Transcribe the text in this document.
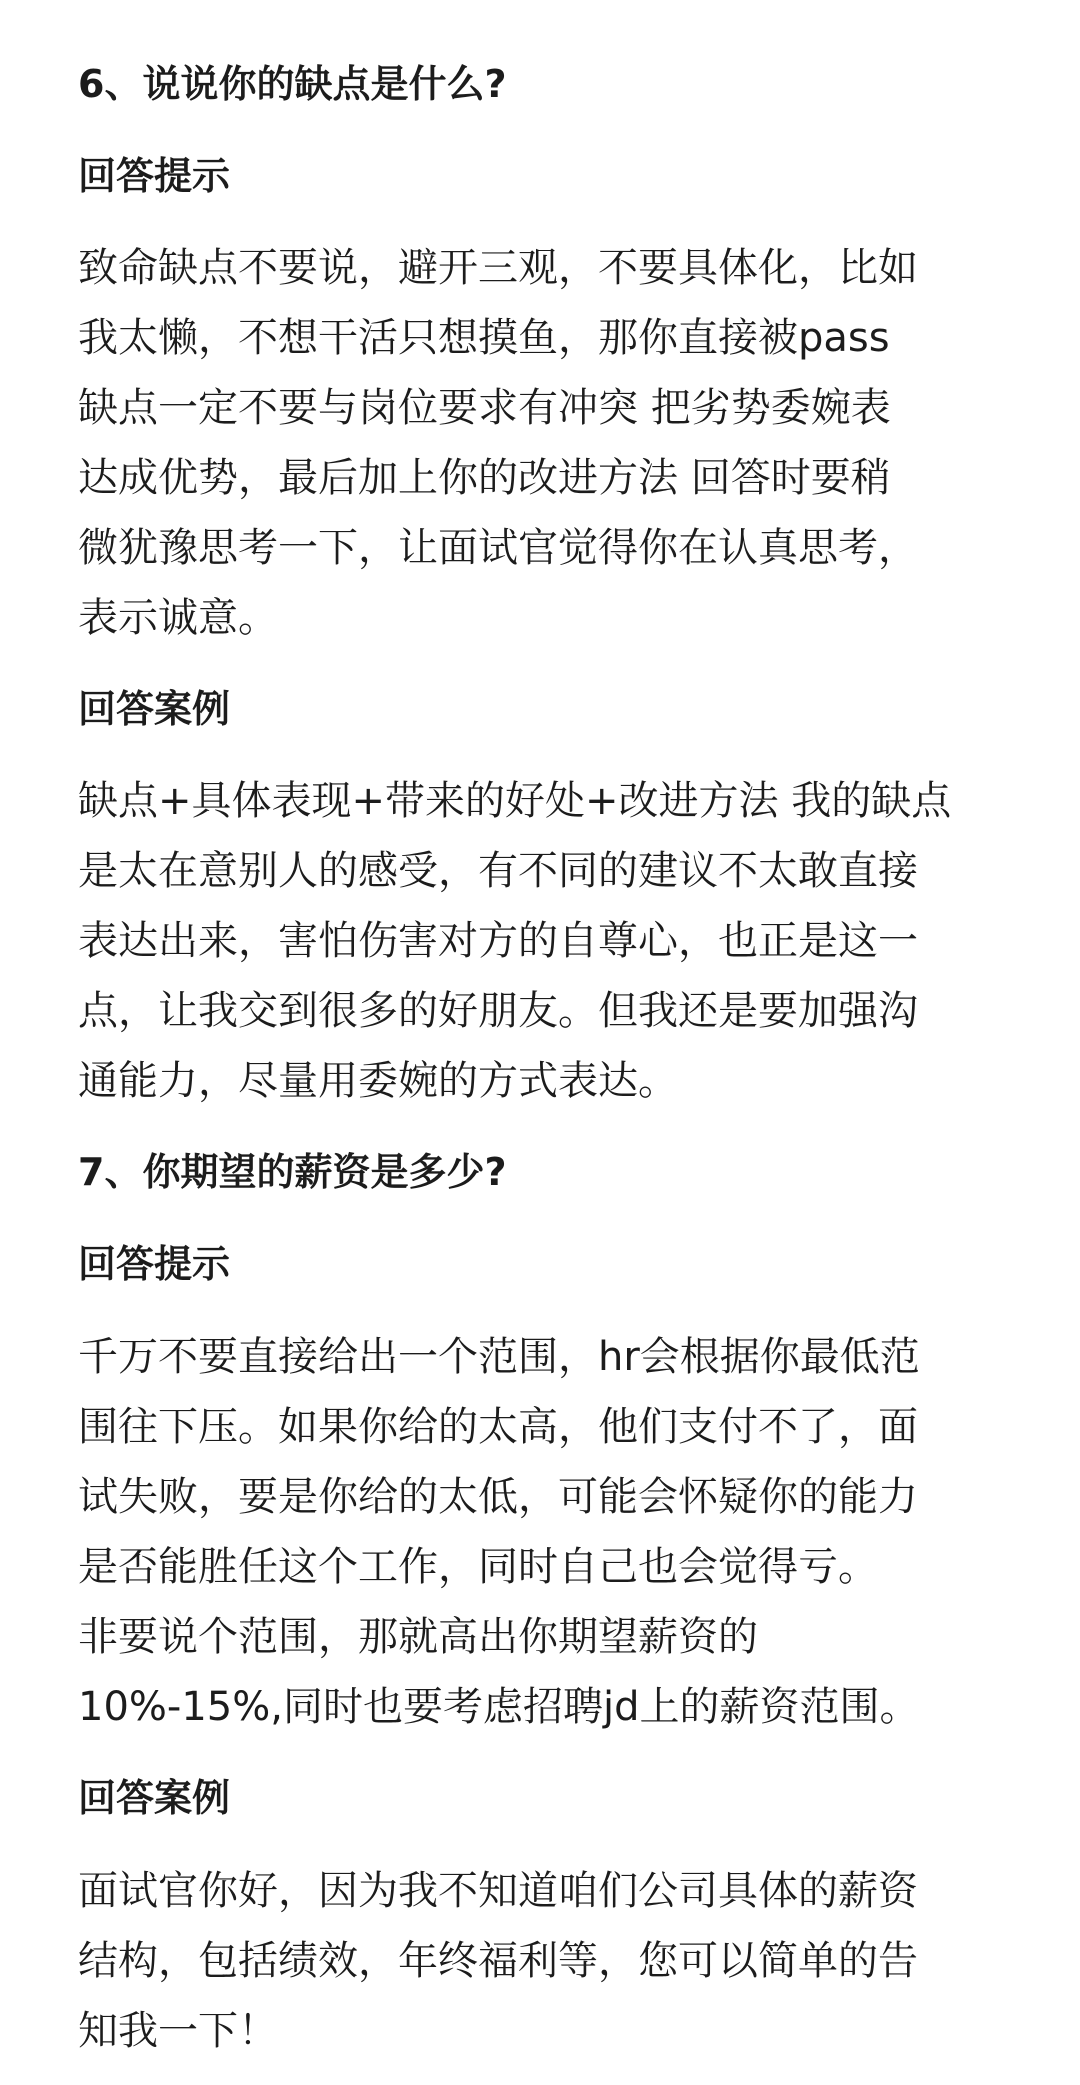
6、说说你的缺点是什么?
回答提示

致命缺点不要说，避开三观，不要具体化，比如
我太懒，不想干活只想摸鱼，那你直接被pass
缺点一定不要与岗位要求有冲突 把劣势委婉表
达成优势，最后加上你的改进方法 回答时要稍
微犹豫思考一下，让面试官觉得你在认真思考，
表示诚意。

回答案例

缺点+具体表现+带来的好处+改进方法 我的缺点
是太在意别人的感受，有不同的建议不太敢直接
表达出来，害怕伤害对方的自尊心，也正是这一
点，让我交到很多的好朋友。但我还是要加强沟
通能力，尽量用委婉的方式表达。

7、你期望的薪资是多少?
回答提示

千万不要直接给出一个范围，hr会根据你最低范
围往下压。如果你给的太高，他们支付不了，面
试失败，要是你给的太低，可能会怀疑你的能力
是否能胜任这个工作，同时自己也会觉得亏。
非要说个范围，那就高出你期望薪资的
10%-15%,同时也要考虑招聘jd上的薪资范围。

回答案例

面试官你好，因为我不知道咱们公司具体的薪资
结构，包括绩效，年终福利等，您可以简单的告
知我一下！
